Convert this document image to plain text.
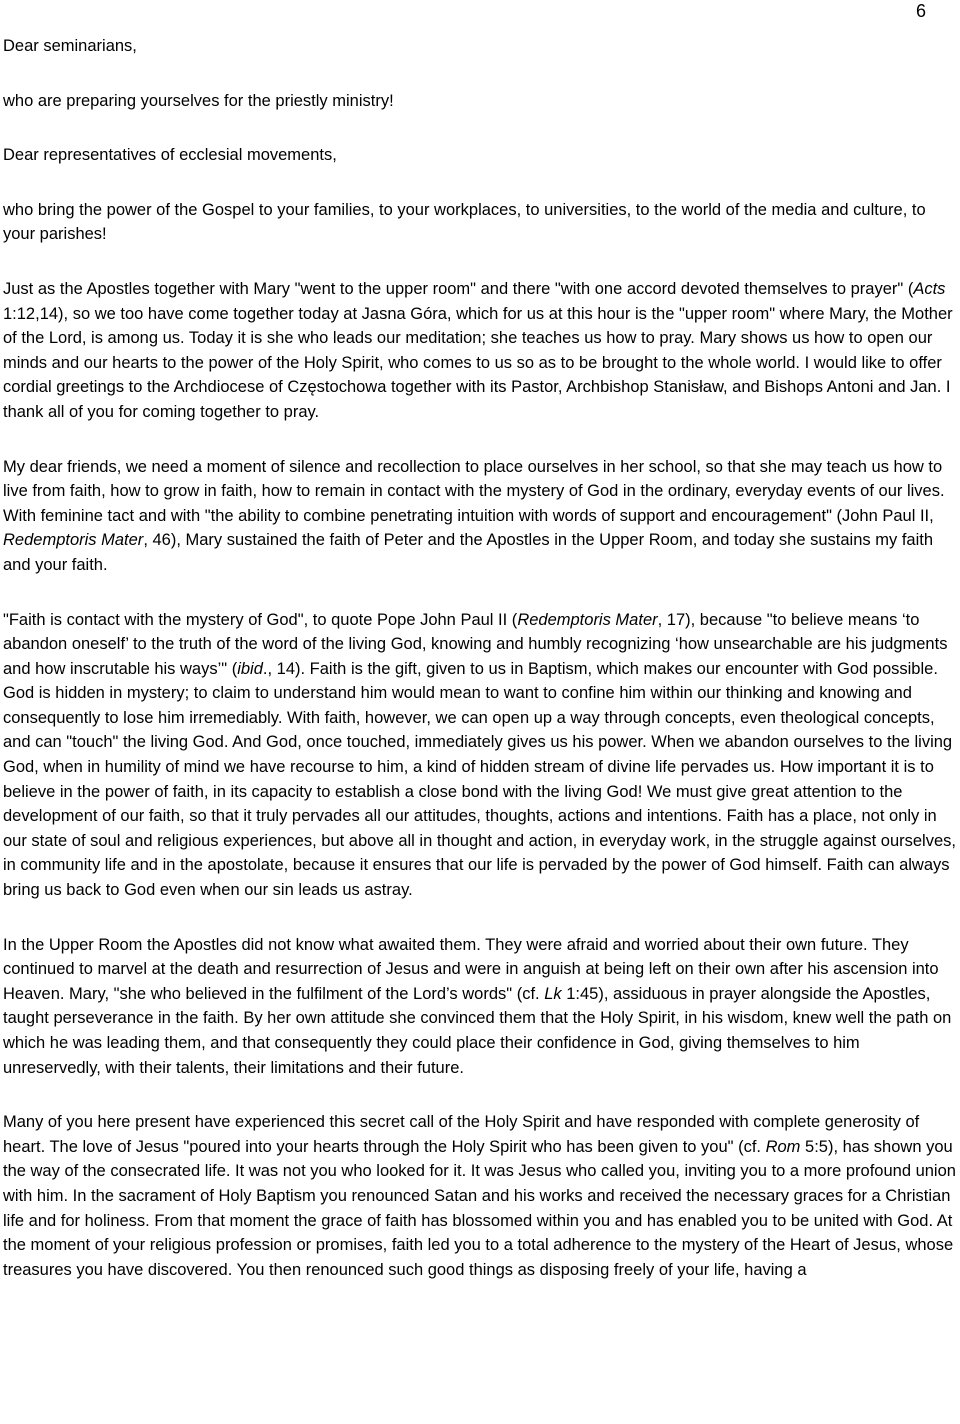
6

Dear seminarians,

who are preparing yourselves for the priestly ministry!

Dear representatives of ecclesial movements,

who bring the power of the Gospel to your families, to your workplaces, to universities, to the world of the media and culture, to your parishes!

Just as the Apostles together with Mary "went to the upper room" and there "with one accord devoted themselves to prayer" (Acts 1:12,14), so we too have come together today at Jasna Góra, which for us at this hour is the "upper room" where Mary, the Mother of the Lord, is among us. Today it is she who leads our meditation; she teaches us how to pray. Mary shows us how to open our minds and our hearts to the power of the Holy Spirit, who comes to us so as to be brought to the whole world. I would like to offer cordial greetings to the Archdiocese of Częstochowa together with its Pastor, Archbishop Stanisław, and Bishops Antoni and Jan. I thank all of you for coming together to pray.

My dear friends, we need a moment of silence and recollection to place ourselves in her school, so that she may teach us how to live from faith, how to grow in faith, how to remain in contact with the mystery of God in the ordinary, everyday events of our lives. With feminine tact and with "the ability to combine penetrating intuition with words of support and encouragement" (John Paul II, Redemptoris Mater, 46), Mary sustained the faith of Peter and the Apostles in the Upper Room, and today she sustains my faith and your faith.

"Faith is contact with the mystery of God", to quote Pope John Paul II (Redemptoris Mater, 17), because "to believe means ‘to abandon oneself’ to the truth of the word of the living God, knowing and humbly recognizing ‘how unsearchable are his judgments and how inscrutable his ways’" (ibid., 14). Faith is the gift, given to us in Baptism, which makes our encounter with God possible. God is hidden in mystery; to claim to understand him would mean to want to confine him within our thinking and knowing and consequently to lose him irremediably. With faith, however, we can open up a way through concepts, even theological concepts, and can "touch" the living God. And God, once touched, immediately gives us his power. When we abandon ourselves to the living God, when in humility of mind we have recourse to him, a kind of hidden stream of divine life pervades us. How important it is to believe in the power of faith, in its capacity to establish a close bond with the living God! We must give great attention to the development of our faith, so that it truly pervades all our attitudes, thoughts, actions and intentions. Faith has a place, not only in our state of soul and religious experiences, but above all in thought and action, in everyday work, in the struggle against ourselves, in community life and in the apostolate, because it ensures that our life is pervaded by the power of God himself. Faith can always bring us back to God even when our sin leads us astray.

In the Upper Room the Apostles did not know what awaited them. They were afraid and worried about their own future. They continued to marvel at the death and resurrection of Jesus and were in anguish at being left on their own after his ascension into Heaven. Mary, "she who believed in the fulfilment of the Lord’s words" (cf. Lk 1:45), assiduous in prayer alongside the Apostles, taught perseverance in the faith. By her own attitude she convinced them that the Holy Spirit, in his wisdom, knew well the path on which he was leading them, and that consequently they could place their confidence in God, giving themselves to him unreservedly, with their talents, their limitations and their future.

Many of you here present have experienced this secret call of the Holy Spirit and have responded with complete generosity of heart. The love of Jesus "poured into your hearts through the Holy Spirit who has been given to you" (cf. Rom 5:5), has shown you the way of the consecrated life. It was not you who looked for it. It was Jesus who called you, inviting you to a more profound union with him. In the sacrament of Holy Baptism you renounced Satan and his works and received the necessary graces for a Christian life and for holiness. From that moment the grace of faith has blossomed within you and has enabled you to be united with God. At the moment of your religious profession or promises, faith led you to a total adherence to the mystery of the Heart of Jesus, whose treasures you have discovered. You then renounced such good things as disposing freely of your life, having a
